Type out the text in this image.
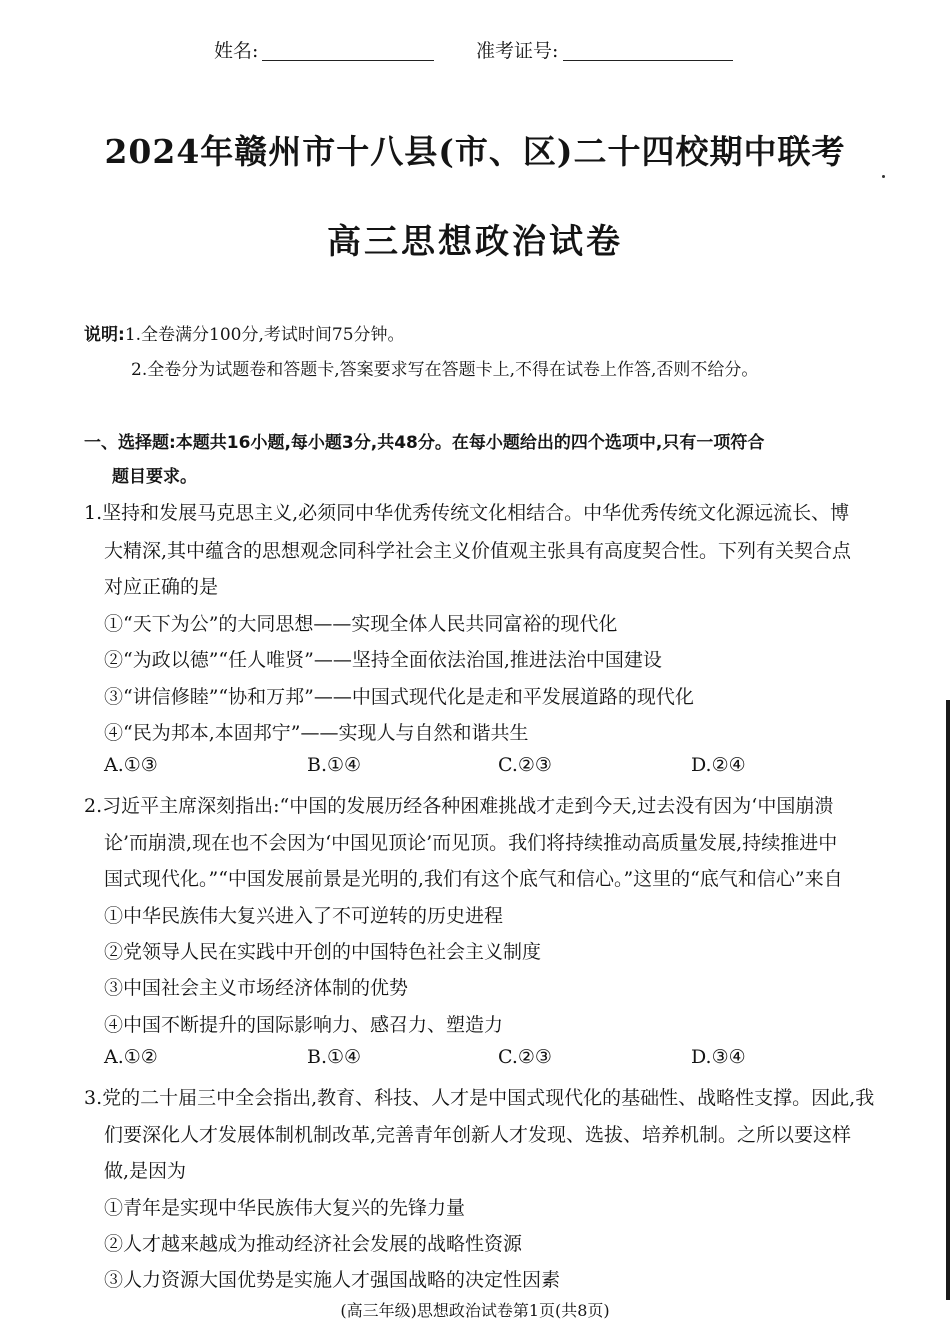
姓名:	准考证号:
2024年赣州市十八县(市、区)二十四校期中联考
高三思想政治试卷
说明:1.全卷满分100分,考试时间75分钟。
2.全卷分为试题卷和答题卡,答案要求写在答题卡上,不得在试卷上作答,否则不给分。
一、选择题:本题共16小题,每小题3分,共48分。在每小题给出的四个选项中,只有一项符合
题目要求。
1.坚持和发展马克思主义,必须同中华优秀传统文化相结合。中华优秀传统文化源远流长、博
大精深,其中蕴含的思想观念同科学社会主义价值观主张具有高度契合性。下列有关契合点
对应正确的是
①“天下为公”的大同思想——实现全体人民共同富裕的现代化
②“为政以德”“任人唯贤”——坚持全面依法治国,推进法治中国建设
③“讲信修睦”“协和万邦”——中国式现代化是走和平发展道路的现代化
④“民为邦本,本固邦宁”——实现人与自然和谐共生
A.①③	B.①④	C.②③	D.②④
2.习近平主席深刻指出:“中国的发展历经各种困难挑战才走到今天,过去没有因为‘中国崩溃
论’而崩溃,现在也不会因为‘中国见顶论’而见顶。我们将持续推动高质量发展,持续推进中
国式现代化。”“中国发展前景是光明的,我们有这个底气和信心。”这里的“底气和信心”来自
①中华民族伟大复兴进入了不可逆转的历史进程
②党领导人民在实践中开创的中国特色社会主义制度
③中国社会主义市场经济体制的优势
④中国不断提升的国际影响力、感召力、塑造力
A.①②	B.①④	C.②③	D.③④
3.党的二十届三中全会指出,教育、科技、人才是中国式现代化的基础性、战略性支撑。因此,我
们要深化人才发展体制机制改革,完善青年创新人才发现、选拔、培养机制。之所以要这样
做,是因为
①青年是实现中华民族伟大复兴的先锋力量
②人才越来越成为推动经济社会发展的战略性资源
③人力资源大国优势是实施人才强国战略的决定性因素
(高三年级)思想政治试卷第1页(共8页)
